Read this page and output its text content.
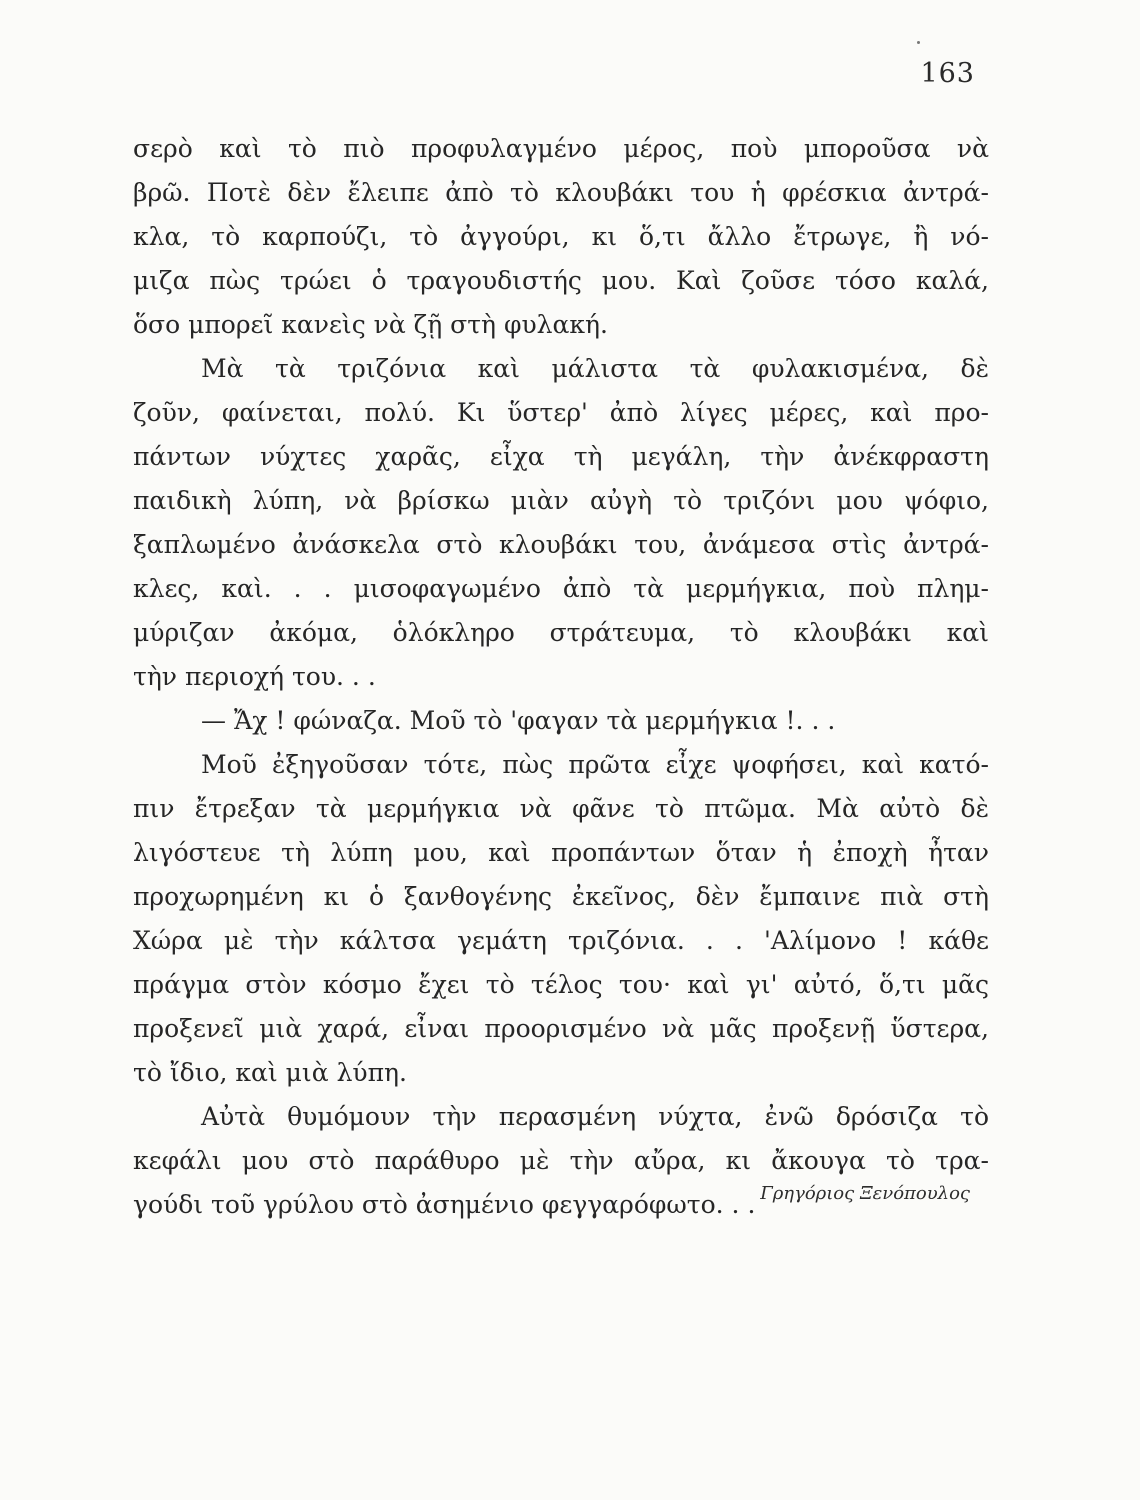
163
σερὸ καὶ τὸ πιὸ προφυλαγμένο μέρος, ποὺ μποροῦσα νὰ
βρῶ. Ποτὲ δὲν ἔλειπε ἀπὸ τὸ κλουβάκι του ἡ φρέσκια ἀντρά-
κλα, τὸ καρπούζι, τὸ ἀγγούρι, κι ὅ,τι ἄλλο ἔτρωγε, ἢ νό-
μιζα πὼς τρώει ὁ τραγουδιστής μου. Καὶ ζοῦσε τόσο καλά,
ὅσο μπορεῖ κανεὶς νὰ ζῇ στὴ φυλακή.
Μὰ τὰ τριζόνια καὶ μάλιστα τὰ φυλακισμένα, δὲ
ζοῦν, φαίνεται, πολύ. Κι ὕστερ' ἀπὸ λίγες μέρες, καὶ προ-
πάντων νύχτες χαρᾶς, εἶχα τὴ μεγάλη, τὴν ἀνέκφραστη
παιδικὴ λύπη, νὰ βρίσκω μιὰν αὐγὴ τὸ τριζόνι μου ψόφιο,
ξαπλωμένο ἀνάσκελα στὸ κλουβάκι του, ἀνάμεσα στὶς ἀντρά-
κλες, καὶ. . . μισοφαγωμένο ἀπὸ τὰ μερμήγκια, ποὺ πλημ-
μύριζαν ἀκόμα, ὁλόκληρο στράτευμα, τὸ κλουβάκι καὶ
τὴν περιοχή του. . .
— Ἄχ ! φώναζα. Μοῦ τὸ 'φαγαν τὰ μερμήγκια !. . .
Μοῦ ἐξηγοῦσαν τότε, πὼς πρῶτα εἶχε ψοφήσει, καὶ κατό-
πιν ἔτρεξαν τὰ μερμήγκια νὰ φᾶνε τὸ πτῶμα. Μὰ αὐτὸ δὲ
λιγόστευε τὴ λύπη μου, καὶ προπάντων ὅταν ἡ ἐποχὴ ἦταν
προχωρημένη κι ὁ ξανθογένης ἐκεῖνος, δὲν ἔμπαινε πιὰ στὴ
Χώρα μὲ τὴν κάλτσα γεμάτη τριζόνια. . . 'Αλίμονο ! κάθε
πράγμα στὸν κόσμο ἔχει τὸ τέλος του· καὶ γι' αὐτό, ὅ,τι μᾶς
προξενεῖ μιὰ χαρά, εἶναι προορισμένο νὰ μᾶς προξενῇ ὕστερα,
τὸ ἴδιο, καὶ μιὰ λύπη.
Αὐτὰ θυμόμουν τὴν περασμένη νύχτα, ἐνῶ δρόσιζα τὸ
κεφάλι μου στὸ παράθυρο μὲ τὴν αὔρα, κι ἄκουγα τὸ τρα-
γούδι τοῦ γρύλου στὸ ἀσημένιο φεγγαρόφωτο. . . Γρηγόριος Ξενόπουλος
